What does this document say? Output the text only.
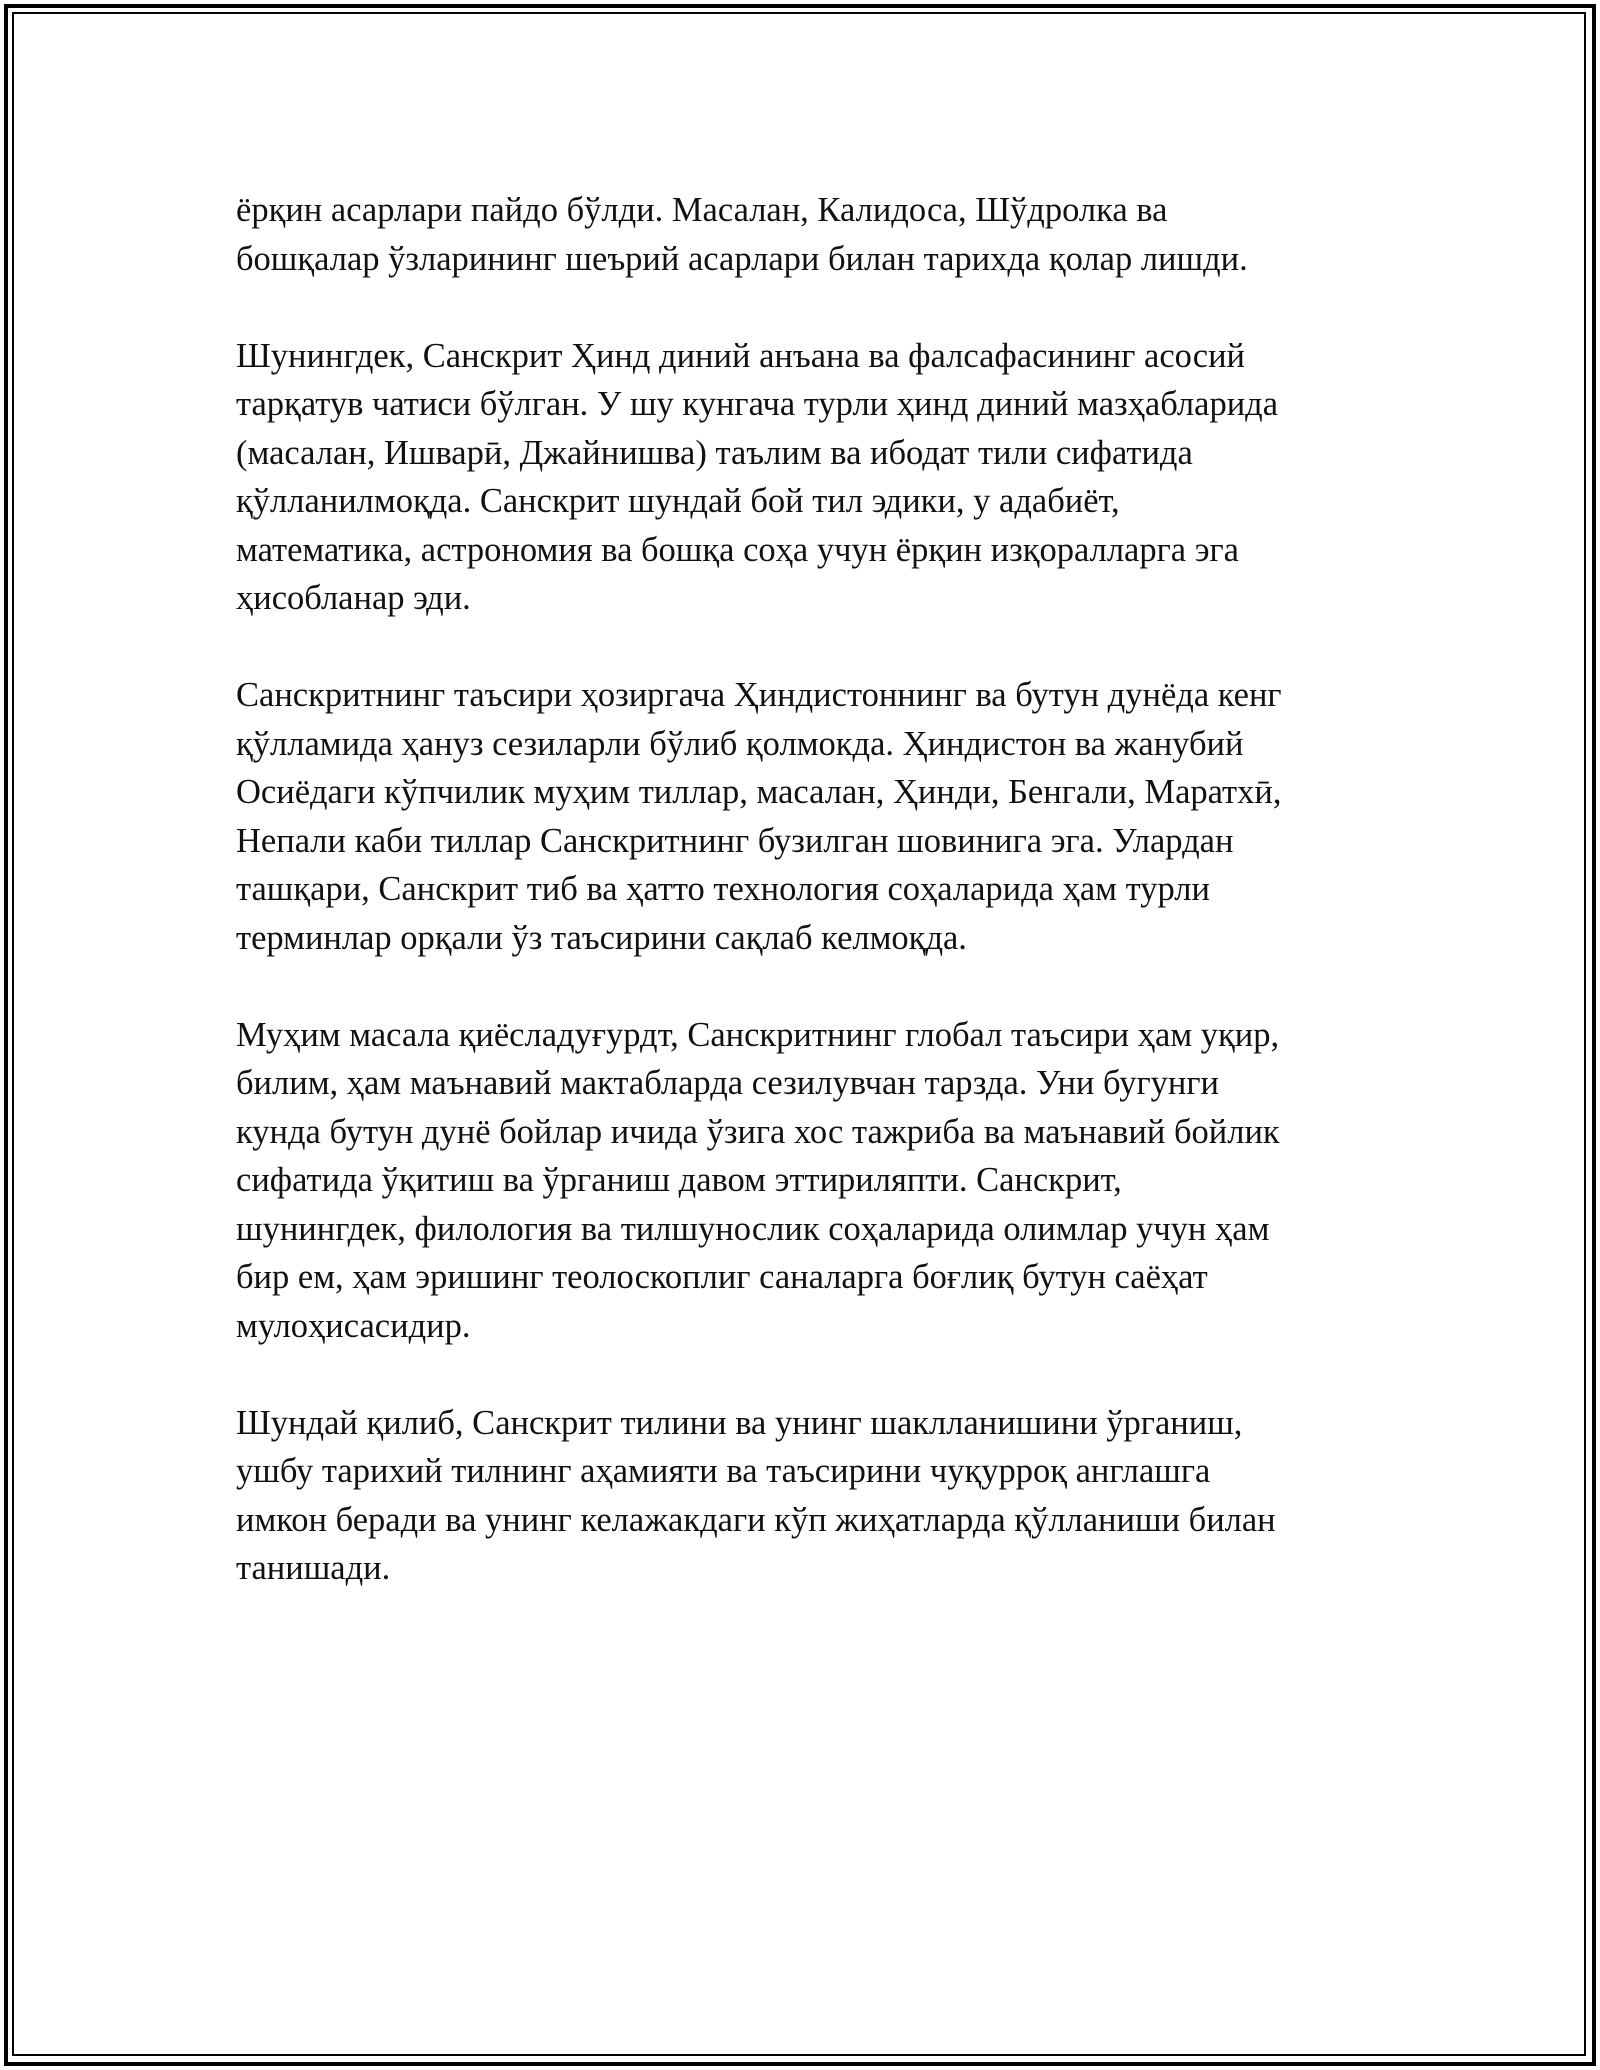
ёрқин асарлари пайдо бўлди. Масалан, Калидоса, Шўдролка ва
бошқалар ўзларининг шеърий асарлари билан тарихда қолар лишди.

Шунингдек, Санскрит Ҳинд диний анъана ва фалсафасининг асосий
тарқатув чатиси бўлган. У шу кунгача турли ҳинд диний мазҳабларида
(масалан, Ишварӣ, Джайнишва) таълим ва ибодат тили сифатида
қўлланилмоқда. Санскрит шундай бой тил эдики, у адабиёт,
математика, астрономия ва бошқа соҳа учун ёрқин изқоралларга эга
ҳисобланар эди.

Санскритнинг таъсири ҳозиргача Ҳиндистоннинг ва бутун дунёда кенг
қўлламида ҳануз сезиларли бўлиб қолмокда. Ҳиндистон ва жанубий
Осиёдаги кўпчилик муҳим тиллар, масалан, Ҳинди, Бенгали, Маратхӣ,
Непали каби тиллар Санскритнинг бузилган шовинига эга. Улардан
ташқари, Санскрит тиб ва ҳатто технология соҳаларида ҳам турли
терминлар орқали ўз таъсирини сақлаб келмоқда.

Муҳим масала қиёсладуғурдт, Санскритнинг глобал таъсири ҳам уқир,
билим, ҳам маънавий мактабларда сезилувчан тарзда. Уни бугунги
кунда бутун дунё бойлар ичида ўзига хос тажриба ва маънавий бойлик
сифатида ўқитиш ва ўрганиш давом эттириляпти. Санскрит,
шунингдек, филология ва тилшунослик соҳаларида олимлар учун ҳам
бир ем, ҳам эришинг теолоскоплиг саналарга боғлиқ бутун саёҳат
мулоҳисасидир.

Шундай қилиб, Санскрит тилини ва унинг шаклланишини ўрганиш,
ушбу тарихий тилнинг аҳамияти ва таъсирини чуқурроқ англашга
имкон беради ва унинг келажакдаги кўп жиҳатларда қўлланиши билан
танишади.
